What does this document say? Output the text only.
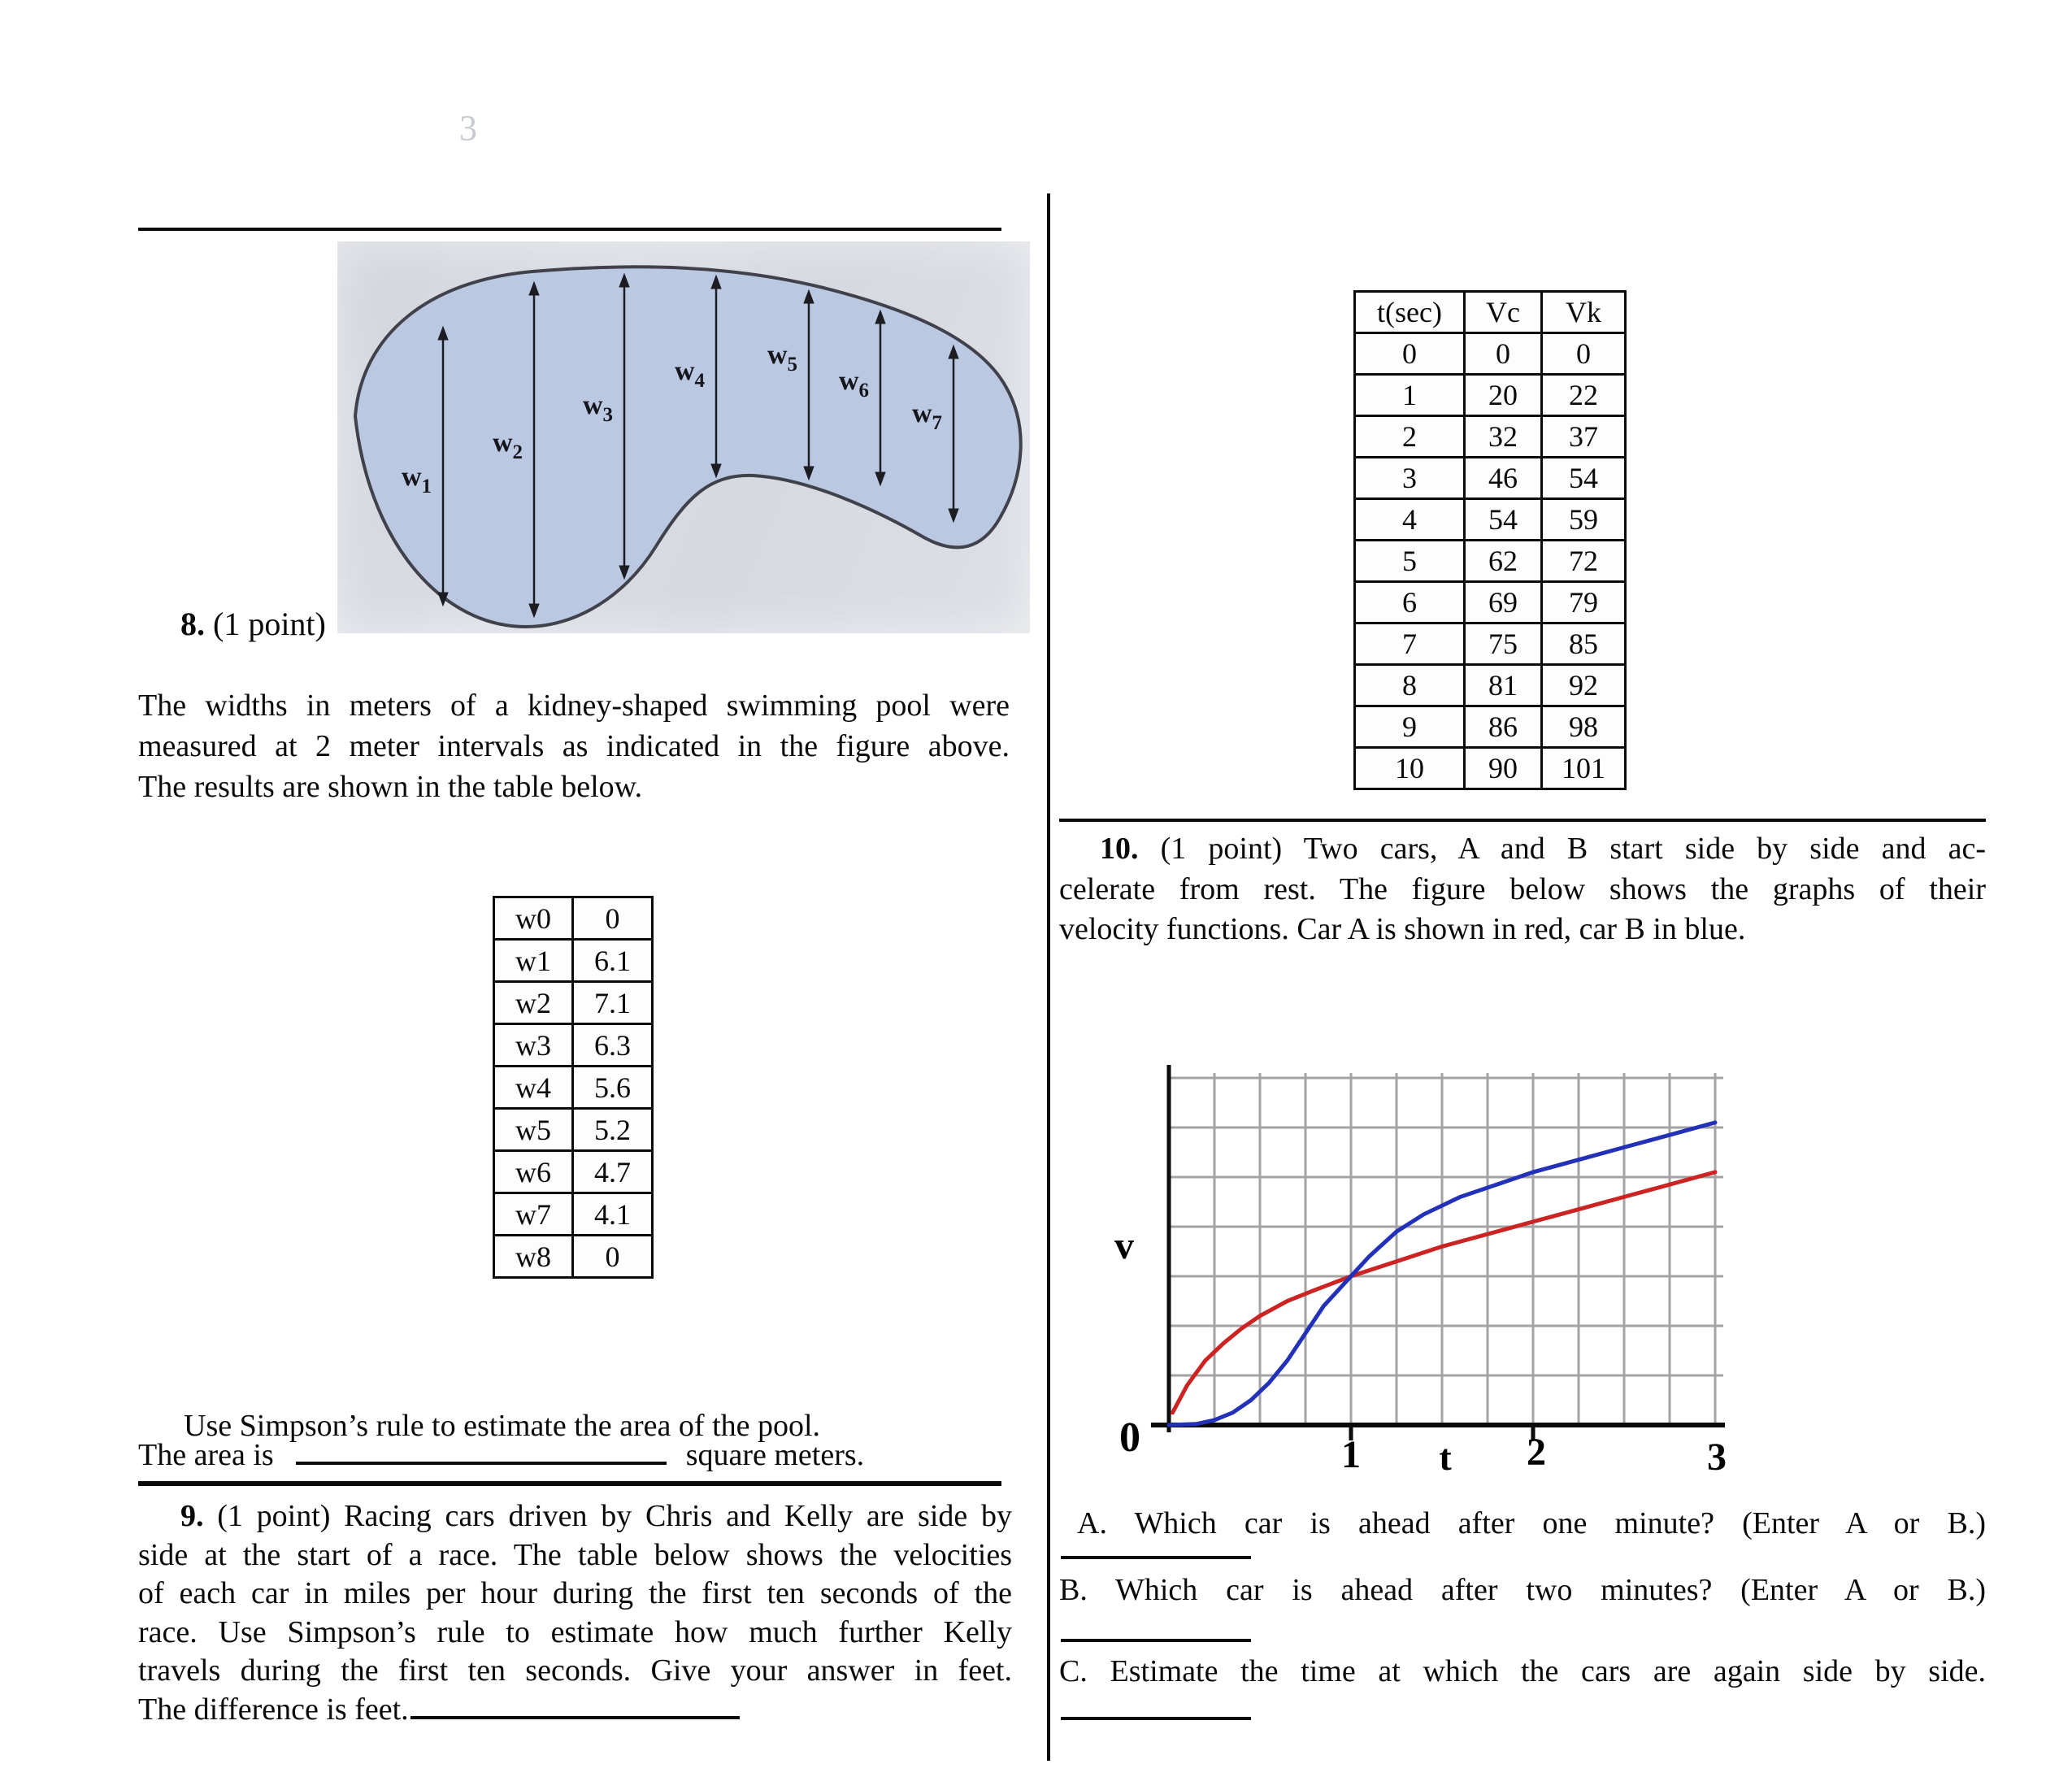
3
$w_1$
$w_2$
$w_3$
$w_4$
$w_5$
$w_6$
$w_7$
8. (1 point)
The widths in meters of a kidney-shaped swimming pool were
measured at 2 meter intervals as indicated in the figure above.
The results are shown in the table below.
w0	0
w1	6.1
w2	7.1
w3	6.3
w4	5.6
w5	5.2
w6	4.7
w7	4.1
w8	0
Use Simpson’s rule to estimate the area of the pool.
The area is	square meters.
9. (1 point) Racing cars driven by Chris and Kelly are side by
side at the start of a race. The table below shows the velocities
of each car in miles per hour during the first ten seconds of the
race. Use Simpson’s rule to estimate how much further Kelly
travels during the first ten seconds. Give your answer in feet.
The difference is feet.
t(sec)	Vc	Vk
0	0	0
1	20	22
2	32	37
3	46	54
4	54	59
5	62	72
6	69	79
7	75	85
8	81	92
9	86	98
10	90	101
10. (1 point) Two cars, A and B start side by side and ac-
celerate from rest. The figure below shows the graphs of their
velocity functions. Car A is shown in red, car B in blue.
v
0	1 t 2	3
A. Which car is ahead after one minute? (Enter A or B.)
B. Which car is ahead after two minutes? (Enter A or B.)
C. Estimate the time at which the cars are again side by side.
